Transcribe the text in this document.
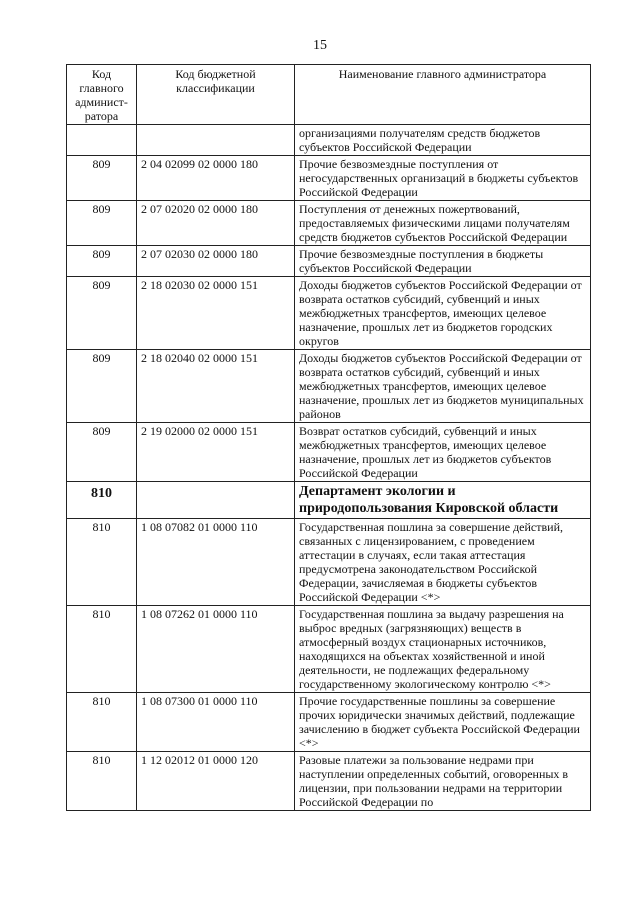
15
Код главного админист-ратора	Код бюджетной классификации	Наименование главного администратора
		организациями получателям средств бюджетов субъектов Российской Федерации
809	2 04 02099 02 0000 180	Прочие безвозмездные поступления от негосударственных организаций в бюджеты субъектов Российской Федерации
809	2 07 02020 02 0000 180	Поступления от денежных пожертвований, предоставляемых физическими лицами получателям средств бюджетов субъектов Российской Федерации
809	2 07 02030 02 0000 180	Прочие безвозмездные поступления в бюджеты субъектов Российской Федерации
809	2 18 02030 02 0000 151	Доходы бюджетов субъектов Российской Федерации от возврата остатков субсидий, субвенций и иных межбюджетных трансфертов, имеющих целевое назначение, прошлых лет из бюджетов городских округов
809	2 18 02040 02 0000 151	Доходы бюджетов субъектов Российской Федерации от возврата остатков субсидий, субвенций и иных межбюджетных трансфертов, имеющих целевое назначение, прошлых лет из бюджетов муниципальных районов
809	2 19 02000 02 0000 151	Возврат остатков субсидий, субвенций и иных межбюджетных трансфертов, имеющих целевое назначение, прошлых лет из бюджетов субъектов Российской Федерации
810		Департамент экологии и природопользования Кировской области
810	1 08 07082 01 0000 110	Государственная пошлина за совершение действий, связанных с лицензированием, с проведением аттестации в случаях, если такая аттестация предусмотрена законодательством Российской Федерации, зачисляемая в бюджеты субъектов Российской Федерации <*>
810	1 08 07262 01 0000 110	Государственная пошлина за выдачу разрешения на выброс вредных (загрязняющих) веществ в атмосферный воздух стационарных источников, находящихся на объектах хозяйственной и иной деятельности, не подлежащих федеральному государственному экологическому контролю <*>
810	1 08 07300 01 0000 110	Прочие государственные пошлины за совершение прочих юридически значимых действий, подлежащие зачислению в бюджет субъекта Российской Федерации <*>
810	1 12 02012 01 0000 120	Разовые платежи за пользование недрами при наступлении определенных событий, оговоренных в лицензии, при пользовании недрами на территории Российской Федерации по
